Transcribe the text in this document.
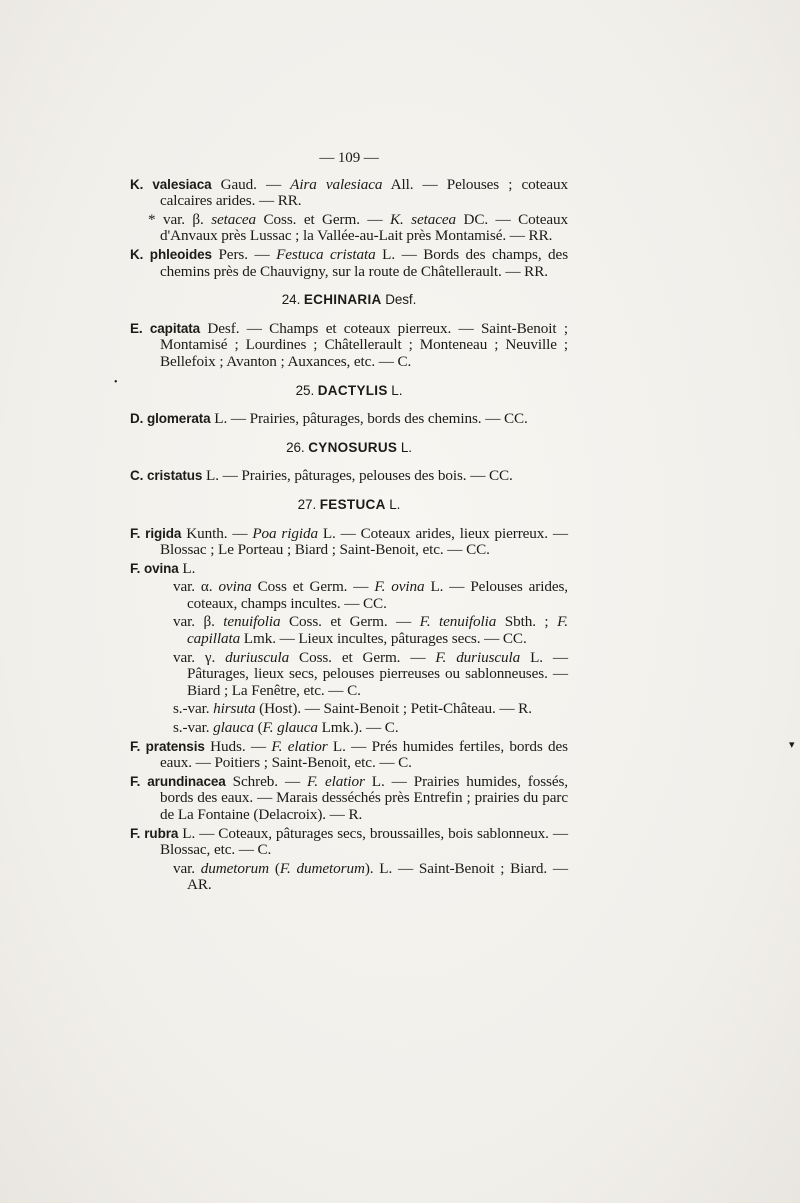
•
▾
— 109 —
K. valesiaca Gaud. — Aira valesiaca All. — Pelouses ; coteaux calcaires arides. — RR.
* var. β. setacea Coss. et Germ. — K. setacea DC. — Coteaux d'Anvaux près Lussac ; la Vallée-au-Lait près Montamisé. — RR.
K. phleoides Pers. — Festuca cristata L. — Bords des champs, des chemins près de Chauvigny, sur la route de Châtellerault. — RR.
24. ECHINARIA Desf.
E. capitata Desf. — Champs et coteaux pierreux. — Saint-Benoit ; Montamisé ; Lourdines ; Châtellerault ; Monteneau ; Neuville ; Bellefoix ; Avanton ; Auxances, etc. — C.
25. DACTYLIS L.
D. glomerata L. — Prairies, pâturages, bords des chemins. — CC.
26. CYNOSURUS L.
C. cristatus L. — Prairies, pâturages, pelouses des bois. — CC.
27. FESTUCA L.
F. rigida Kunth. — Poa rigida L. — Coteaux arides, lieux pierreux. — Blossac ; Le Porteau ; Biard ; Saint-Benoit, etc. — CC.
F. ovina L.
var. α. ovina Coss et Germ. — F. ovina L. — Pelouses arides, coteaux, champs incultes. — CC.
var. β. tenuifolia Coss. et Germ. — F. tenuifolia Sbth. ; F. capillata Lmk. — Lieux incultes, pâturages secs. — CC.
var. γ. duriuscula Coss. et Germ. — F. duriuscula L. — Pâturages, lieux secs, pelouses pierreuses ou sablonneuses. — Biard ; La Fenêtre, etc. — C.
s.-var. hirsuta (Host). — Saint-Benoit ; Petit-Château. — R.
s.-var. glauca (F. glauca Lmk.). — C.
F. pratensis Huds. — F. elatior L. — Prés humides fertiles, bords des eaux. — Poitiers ; Saint-Benoit, etc. — C.
F. arundinacea Schreb. — F. elatior L. — Prairies humides, fossés, bords des eaux. — Marais desséchés près Entrefin ; prairies du parc de La Fontaine (Delacroix). — R.
F. rubra L. — Coteaux, pâturages secs, broussailles, bois sablonneux. — Blossac, etc. — C.
var. dumetorum (F. dumetorum). L. — Saint-Benoit ; Biard. — AR.
